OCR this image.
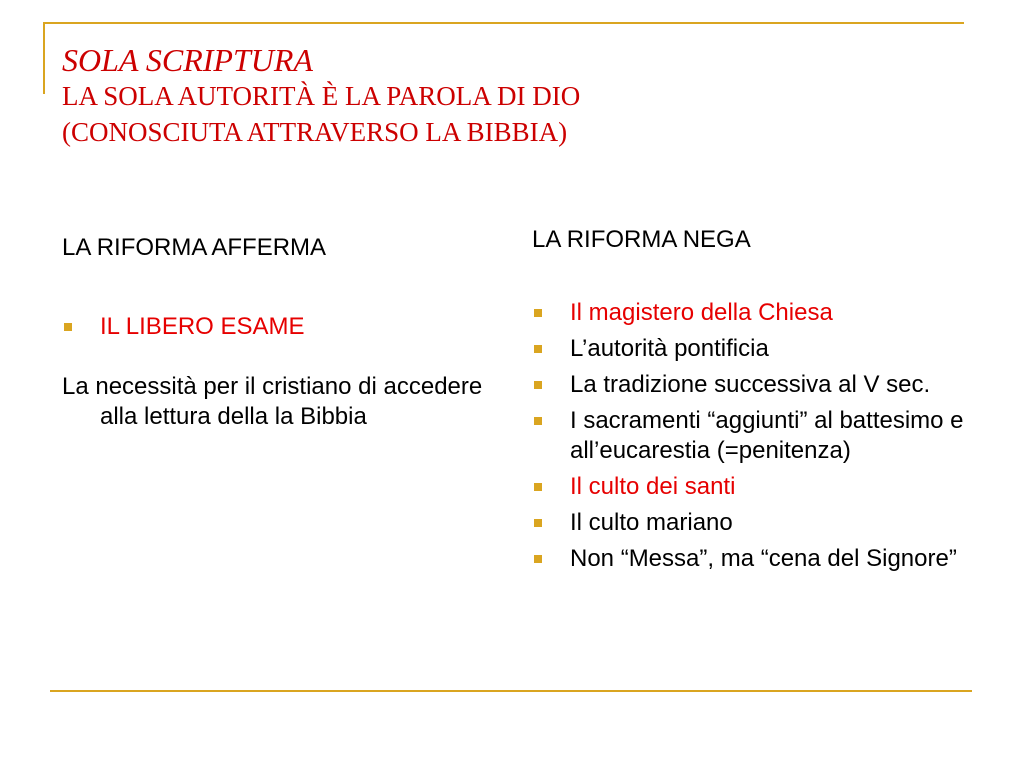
SOLA SCRIPTURA
LA SOLA AUTORITÀ È LA PAROLA DI DIO
(CONOSCIUTA ATTRAVERSO LA BIBBIA)

LA RIFORMA AFFERMA

IL LIBERO ESAME

La necessità per il cristiano di accedere alla lettura della la Bibbia

LA RIFORMA NEGA

Il magistero della Chiesa
L’autorità pontificia
La tradizione successiva al V sec.
I sacramenti “aggiunti” al battesimo e all’eucarestia (=penitenza)
Il culto dei santi
Il culto mariano
Non “Messa”, ma “cena del Signore”
